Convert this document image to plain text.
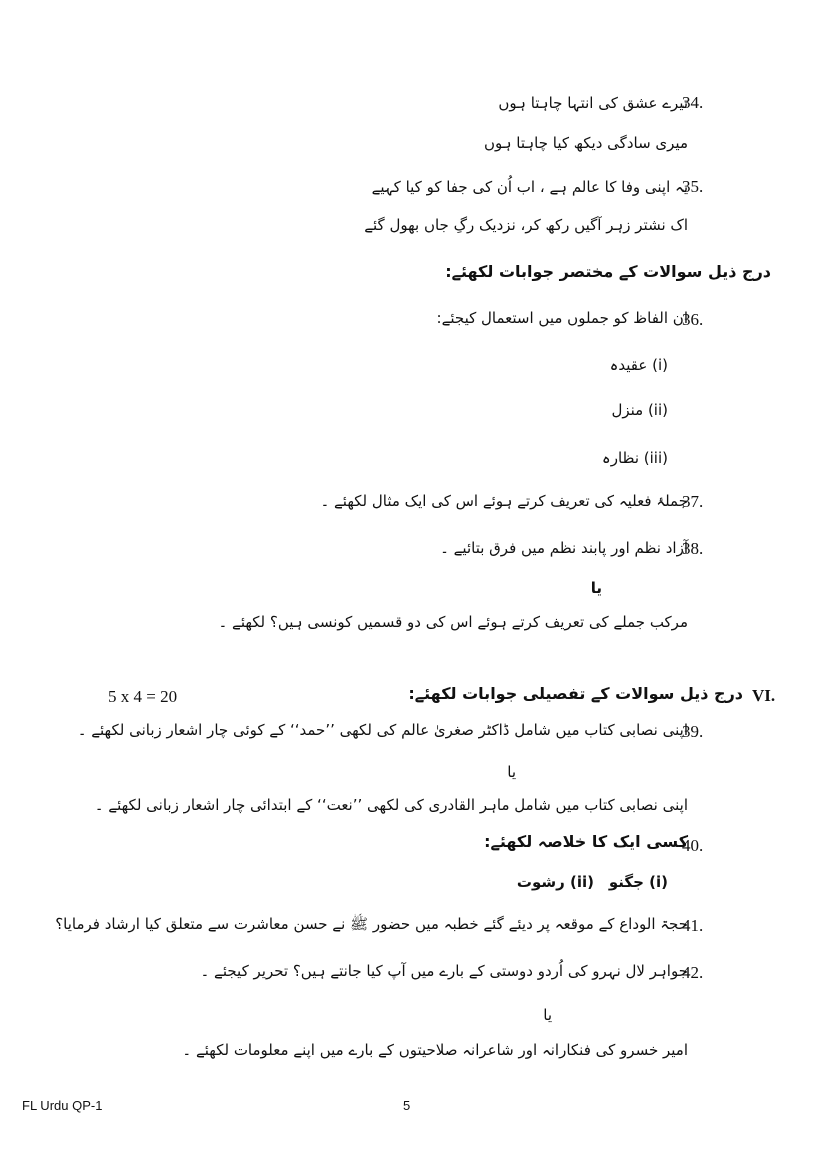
تیرے عشق کی انتہا چاہتا ہوں
34.
میری سادگی دیکھ کیا چاہتا ہوں
یہ اپنی وفا کا عالم ہے ، اب اُن کی جفا کو کیا کہیے
35.
اک نشتر زہر آگیں رکھ کر، نزدیک رگِ جاں بھول گئے
درج ذیل سوالات کے مختصر جوابات لکھئے:
ان الفاظ کو جملوں میں استعمال کیجئے:
36.
(i) عقیدہ
(ii) منزل
(iii) نظارہ
جملۂ فعلیہ کی تعریف کرتے ہوئے اس کی ایک مثال لکھئے ۔
37.
آزاد نظم اور پابند نظم میں فرق بتائیے ۔
38.
یا
مرکب جملے کی تعریف کرتے ہوئے اس کی دو قسمیں کونسی ہیں؟ لکھئے ۔
VI.
درج ذیل سوالات کے تفصیلی جوابات لکھئے:
5 x 4 = 20
اپنی نصابی کتاب میں شامل ڈاکٹر صغریٰ عالم کی لکھی ’’حمد‘‘ کے کوئی چار اشعار زبانی لکھئے ۔
39.
یا
اپنی نصابی کتاب میں شامل ماہر القادری کی لکھی ’’نعت‘‘ کے ابتدائی چار اشعار زبانی لکھئے ۔
کسی ایک کا خلاصہ لکھئے:
40.
(i) جگنو
(ii) رشوت
حجۃ الوداع کے موقعہ پر دیئے گئے خطبہ میں حضور ﷺ نے حسن معاشرت سے متعلق کیا ارشاد فرمایا؟
41.
جواہر لال نہرو کی اُردو دوستی کے بارے میں آپ کیا جانتے ہیں؟ تحریر کیجئے ۔
42.
یا
امیر خسرو کی فنکارانہ اور شاعرانہ صلاحیتوں کے بارے میں اپنے معلومات لکھئے ۔
FL Urdu QP-1	5
